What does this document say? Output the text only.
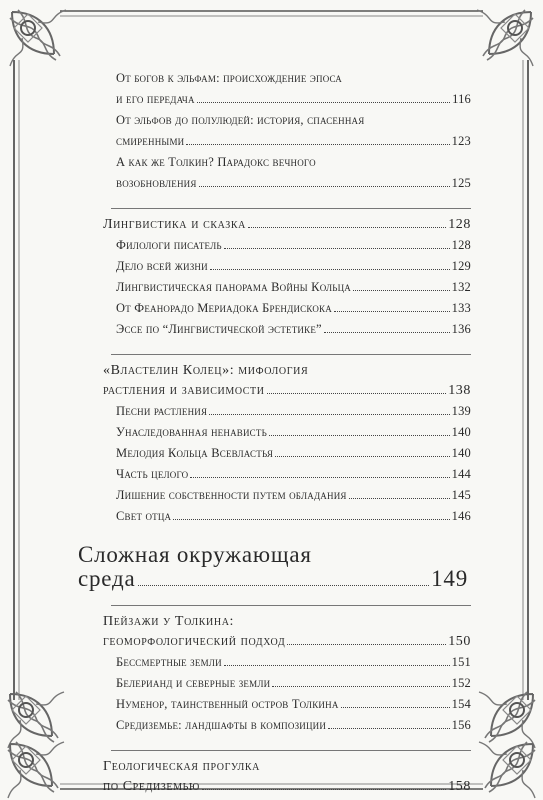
От богов к эльфам: происхождение эпоса
и его передача	116
От эльфов до полулюдей: история, спасенная
смиренными	123
А как же Толкин? Парадокс вечного
возобновления	125
Лингвистика и сказка	128
Филологи писатель	128
Дело всей жизни	129
Лингвистическая панорама Войны Кольца	132
От Феанорадо Мериадока Брендискока	133
Эссе по “Лингвистической эстетике”	136
«Властелин Колец»: мифология
растления и зависимости	138
Песни растления	139
Унаследованная ненависть	140
Мелодия Кольца Всевластья	140
Часть целого	144
Лишение собственности путем обладания	145
Свет отца	146
Сложная окружающая
среда	149
Пейзажи у Толкина:
геоморфологический подход	150
Бессмертные земли	151
Белерианд и северные земли	152
Нуменор, таинственный остров Толкина	154
Средиземье: ландшафты в композиции	156
Геологическая прогулка
по Средиземью	158
